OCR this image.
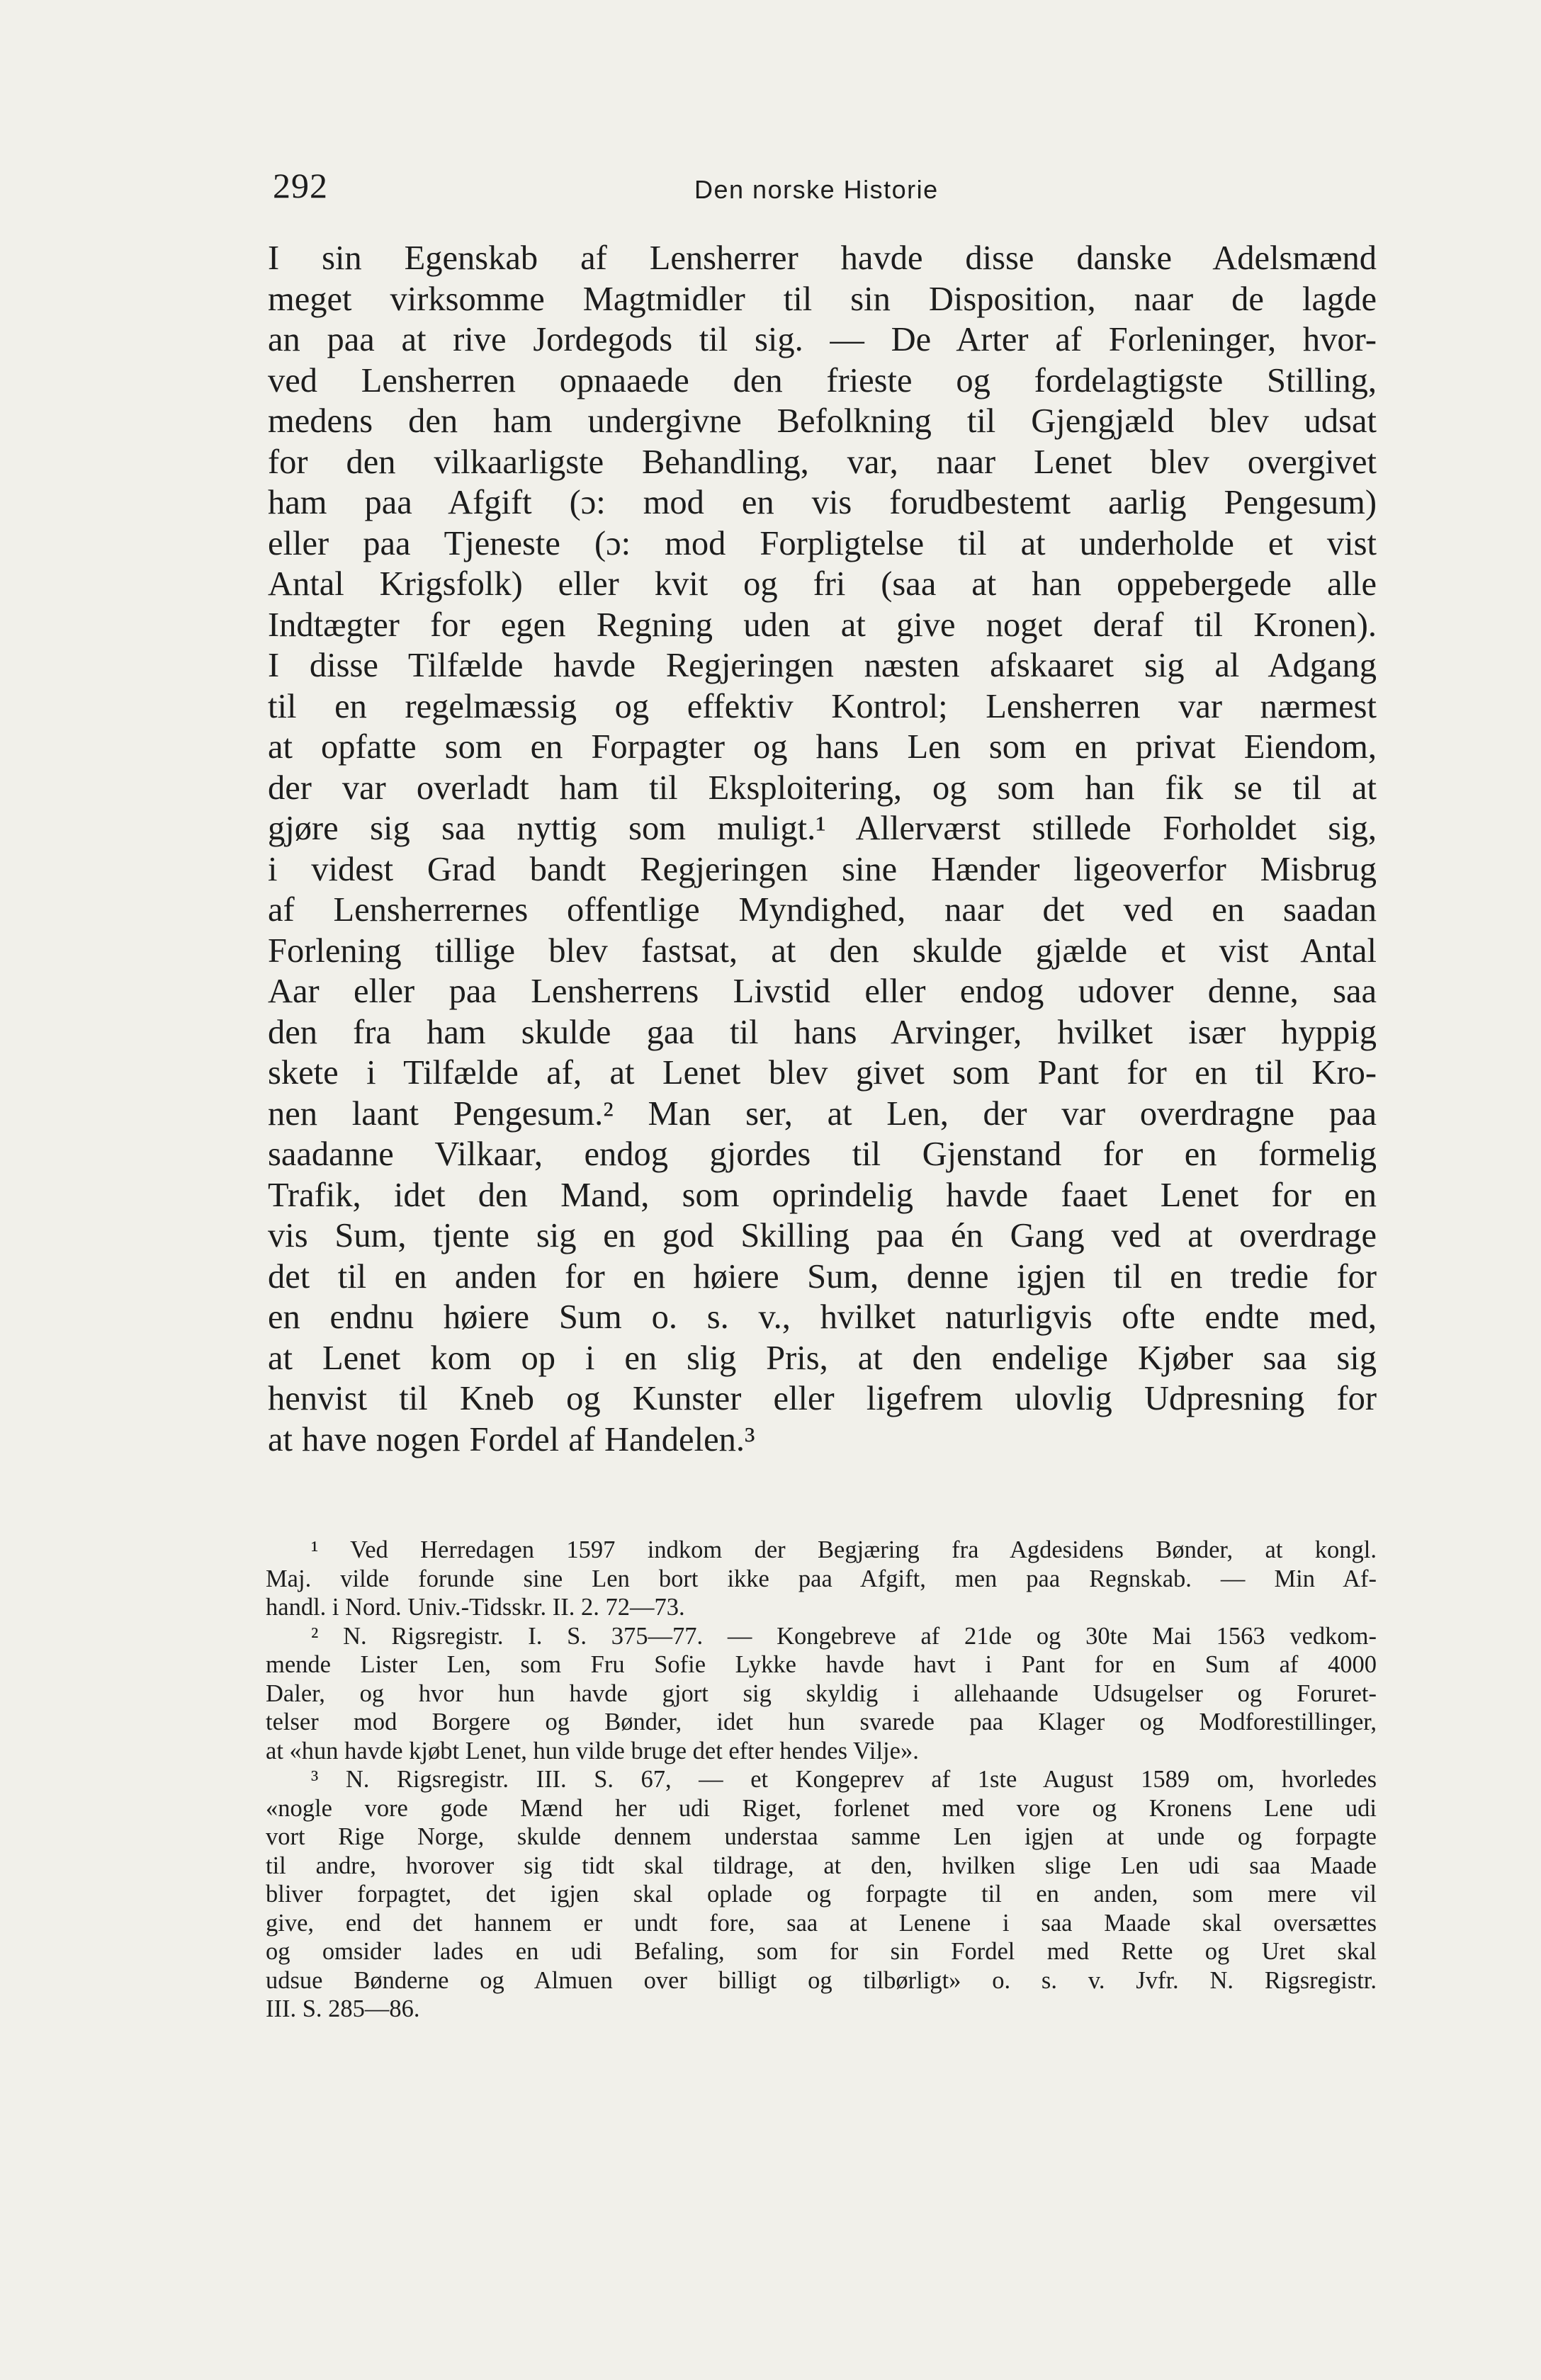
292	Den norske Historie
I sin Egenskab af Lensherrer havde disse danske Adelsmænd
meget virksomme Magtmidler til sin Disposition, naar de lagde
an paa at rive Jordegods til sig. — De Arter af Forleninger, hvor-
ved Lensherren opnaaede den frieste og fordelagtigste Stilling,
medens den ham undergivne Befolkning til Gjengjæld blev udsat
for den vilkaarligste Behandling, var, naar Lenet blev overgivet
ham paa Afgift (ɔ: mod en vis forudbestemt aarlig Pengesum)
eller paa Tjeneste (ɔ: mod Forpligtelse til at underholde et vist
Antal Krigsfolk) eller kvit og fri (saa at han oppebergede alle
Indtægter for egen Regning uden at give noget deraf til Kronen).
I disse Tilfælde havde Regjeringen næsten afskaaret sig al Adgang
til en regelmæssig og effektiv Kontrol; Lensherren var nærmest
at opfatte som en Forpagter og hans Len som en privat Eiendom,
der var overladt ham til Eksploitering, og som han fik se til at
gjøre sig saa nyttig som muligt.¹ Allerværst stillede Forholdet sig,
i videst Grad bandt Regjeringen sine Hænder ligeoverfor Misbrug
af Lensherrernes offentlige Myndighed, naar det ved en saadan
Forlening tillige blev fastsat, at den skulde gjælde et vist Antal
Aar eller paa Lensherrens Livstid eller endog udover denne, saa
den fra ham skulde gaa til hans Arvinger, hvilket især hyppig
skete i Tilfælde af, at Lenet blev givet som Pant for en til Kro-
nen laant Pengesum.² Man ser, at Len, der var overdragne paa
saadanne Vilkaar, endog gjordes til Gjenstand for en formelig
Trafik, idet den Mand, som oprindelig havde faaet Lenet for en
vis Sum, tjente sig en god Skilling paa én Gang ved at overdrage
det til en anden for en høiere Sum, denne igjen til en tredie for
en endnu høiere Sum o. s. v., hvilket naturligvis ofte endte med,
at Lenet kom op i en slig Pris, at den endelige Kjøber saa sig
henvist til Kneb og Kunster eller ligefrem ulovlig Udpresning for
at have nogen Fordel af Handelen.³
¹ Ved Herredagen 1597 indkom der Begjæring fra Agdesidens Bønder, at kongl.
Maj. vilde forunde sine Len bort ikke paa Afgift, men paa Regnskab. — Min Af-
handl. i Nord. Univ.-Tidsskr. II. 2. 72—73.
² N. Rigsregistr. I. S. 375—77. — Kongebreve af 21de og 30te Mai 1563 vedkom-
mende Lister Len, som Fru Sofie Lykke havde havt i Pant for en Sum af 4000
Daler, og hvor hun havde gjort sig skyldig i allehaande Udsugelser og Foruret-
telser mod Borgere og Bønder, idet hun svarede paa Klager og Modforestillinger,
at «hun havde kjøbt Lenet, hun vilde bruge det efter hendes Vilje».
³ N. Rigsregistr. III. S. 67, — et Kongeprev af 1ste August 1589 om, hvorledes
«nogle vore gode Mænd her udi Riget, forlenet med vore og Kronens Lene udi
vort Rige Norge, skulde dennem understaa samme Len igjen at unde og forpagte
til andre, hvorover sig tidt skal tildrage, at den, hvilken slige Len udi saa Maade
bliver forpagtet, det igjen skal oplade og forpagte til en anden, som mere vil
give, end det hannem er undt fore, saa at Lenene i saa Maade skal oversættes
og omsider lades en udi Befaling, som for sin Fordel med Rette og Uret skal
udsue Bønderne og Almuen over billigt og tilbørligt» o. s. v. Jvfr. N. Rigsregistr.
III. S. 285—86.
